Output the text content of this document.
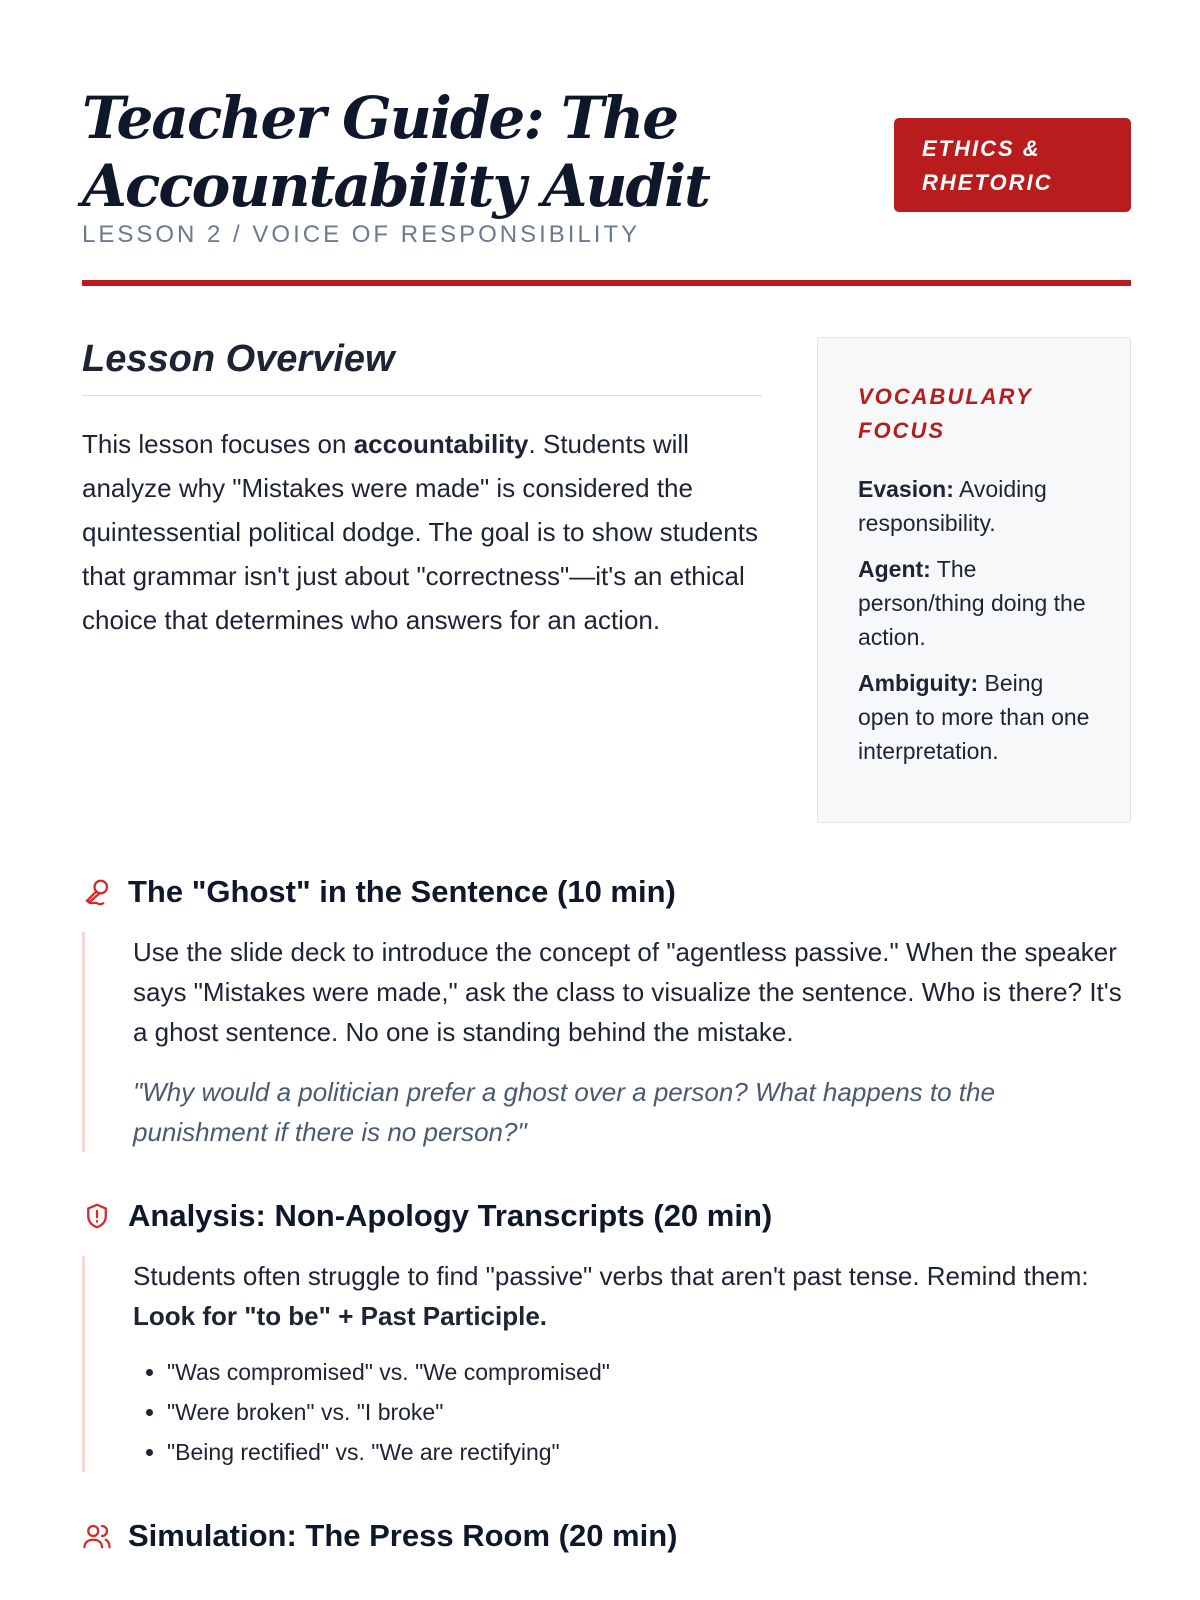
Teacher Guide: The Accountability Audit
LESSON 2 / VOICE OF RESPONSIBILITY
ETHICS & RHETORIC
Lesson Overview

This lesson focuses on accountability. Students will analyze why "Mistakes were made" is considered the quintessential political dodge. The goal is to show students that grammar isn't just about "correctness"—it's an ethical choice that determines who answers for an action.

VOCABULARY FOCUS

Evasion: Avoiding responsibility.

Agent: The person/thing doing the action.

Ambiguity: Being open to more than one interpretation.

The "Ghost" in the Sentence (10 min)

Use the slide deck to introduce the concept of "agentless passive." When the speaker says "Mistakes were made," ask the class to visualize the sentence. Who is there? It's a ghost sentence. No one is standing behind the mistake.

"Why would a politician prefer a ghost over a person? What happens to the punishment if there is no person?"

Analysis: Non-Apology Transcripts (20 min)

Students often struggle to find "passive" verbs that aren't past tense. Remind them: Look for "to be" + Past Participle.

• "Was compromised" vs. "We compromised"
• "Were broken" vs. "I broke"
• "Being rectified" vs. "We are rectifying"
Simulation: The Press Room (20 min)
